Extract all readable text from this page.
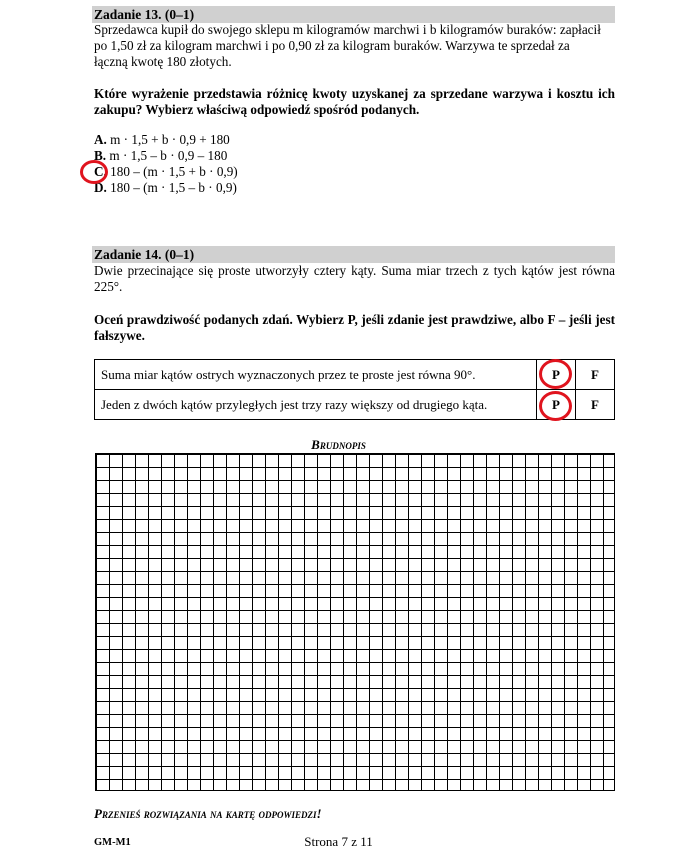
Zadanie 13. (0–1)
Sprzedawca kupił do swojego sklepu m kilogramów marchwi i b kilogramów buraków: zapłacił
po 1,50 zł za kilogram marchwi i po 0,90 zł za kilogram buraków. Warzywa te sprzedał za
łączną kwotę 180 złotych.
Które wyrażenie przedstawia różnicę kwoty uzyskanej za sprzedane warzywa i kosztu ich zakupu? Wybierz właściwą odpowiedź spośród podanych.
A. m · 1,5 + b · 0,9 + 180
B. m · 1,5 – b · 0,9 – 180
C. 180 – (m · 1,5 + b · 0,9)
D. 180 – (m · 1,5 – b · 0,9)
Zadanie 14. (0–1)
Dwie przecinające się proste utworzyły cztery kąty. Suma miar trzech z tych kątów jest równa 225°.
Oceń prawdziwość podanych zdań. Wybierz P, jeśli zdanie jest prawdziwe, albo F – jeśli jest fałszywe.
Suma miar kątów ostrych wyznaczonych przez te proste jest równa 90°.	P	F
Jeden z dwóch kątów przyległych jest trzy razy większy od drugiego kąta.	P	F
Brudnopis
Przenieś rozwiązania na kartę odpowiedzi!
GM-M1	Strona 7 z 11
